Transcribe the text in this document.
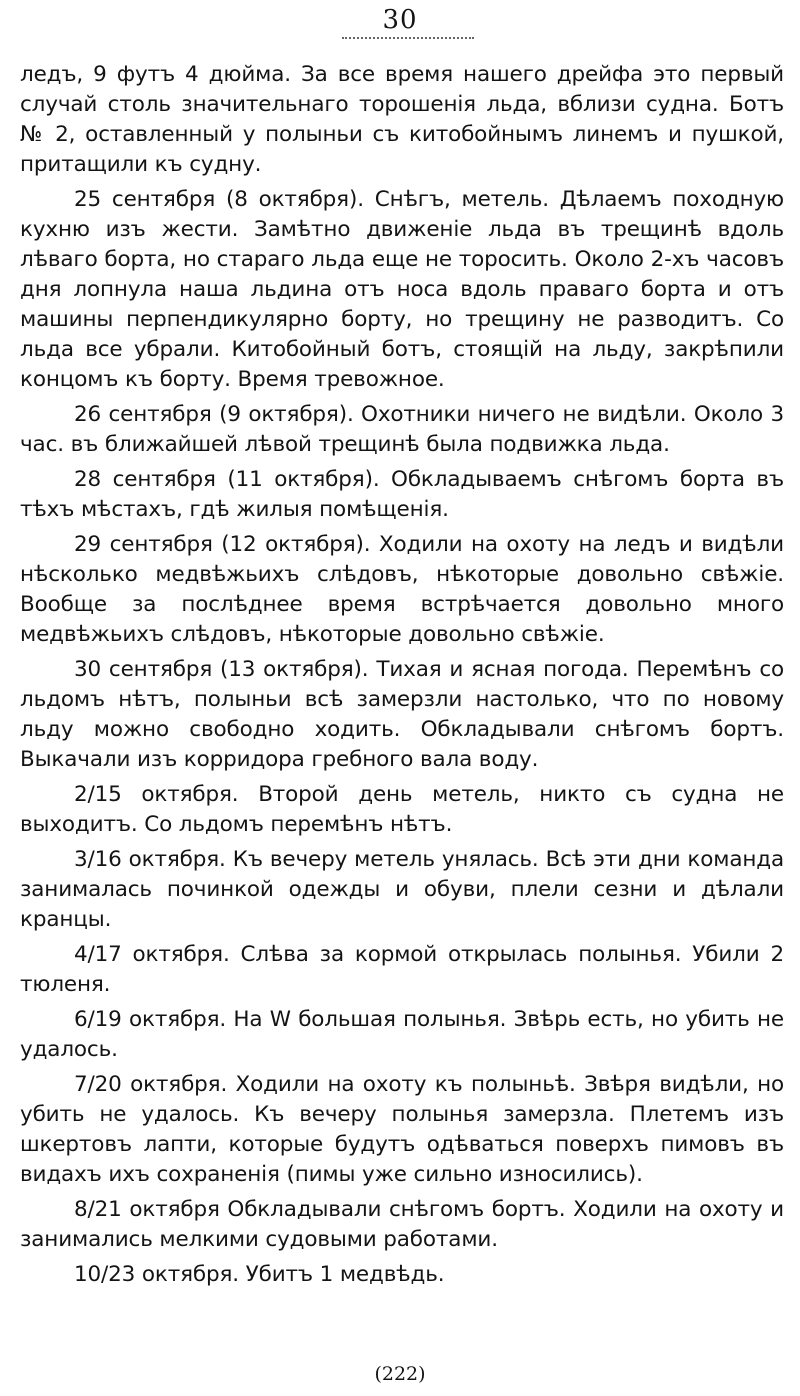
30

ледъ, 9 футъ 4 дюйма. За все время нашего дрейфа это первый случай столь значительнаго торошенія льда, вблизи судна. Ботъ № 2, оставленный у полыньи съ китобойнымъ линемъ и пушкой, притащили къ судну.

25 сентября (8 октября). Снѣгъ, метель. Дѣлаемъ походную кухню изъ жести. Замѣтно движеніе льда въ трещинѣ вдоль лѣваго борта, но стараго льда еще не торосить. Около 2-хъ часовъ дня лопнула наша льдина отъ носа вдоль праваго борта и отъ машины перпендикулярно борту, но трещину не разводитъ. Со льда все убрали. Китобойный ботъ, стоящій на льду, закрѣпили концомъ къ борту. Время тревожное.

26 сентября (9 октября). Охотники ничего не видѣли. Около 3 час. въ ближайшей лѣвой трещинѣ была подвижка льда.

28 сентября (11 октября). Обкладываемъ снѣгомъ борта въ тѣхъ мѣстахъ, гдѣ жилыя помѣщенія.

29 сентября (12 октября). Ходили на охоту на ледъ и видѣли нѣсколько медвѣжьихъ слѣдовъ, нѣкоторые довольно свѣжіе. Вообще за послѣднее время встрѣчается довольно много медвѣжьихъ слѣдовъ, нѣкоторые довольно свѣжіе.

30 сентября (13 октября). Тихая и ясная погода. Перемѣнъ со льдомъ нѣтъ, полыньи всѣ замерзли настолько, что по новому льду можно свободно ходить. Обкладывали снѣгомъ бортъ. Выкачали изъ корридора гребного вала воду.

2/15 октября. Второй день метель, никто съ судна не выходитъ. Со льдомъ перемѣнъ нѣтъ.

3/16 октября. Къ вечеру метель унялась. Всѣ эти дни команда занималась починкой одежды и обуви, плели сезни и дѣлали кранцы.

4/17 октября. Слѣва за кормой открылась полынья. Убили 2 тюленя.

6/19 октября. На W большая полынья. Звѣрь есть, но убить не удалось.

7/20 октября. Ходили на охоту къ полыньѣ. Звѣря видѣли, но убить не удалось. Къ вечеру полынья замерзла. Плетемъ изъ шкертовъ лапти, которые будутъ одѣваться поверхъ пимовъ въ видахъ ихъ сохраненія (пимы уже сильно износились).

8/21 октября Обкладывали снѣгомъ бортъ. Ходили на охоту и занимались мелкими судовыми работами.

10/23 октября. Убитъ 1 медвѣдь.

(222)
